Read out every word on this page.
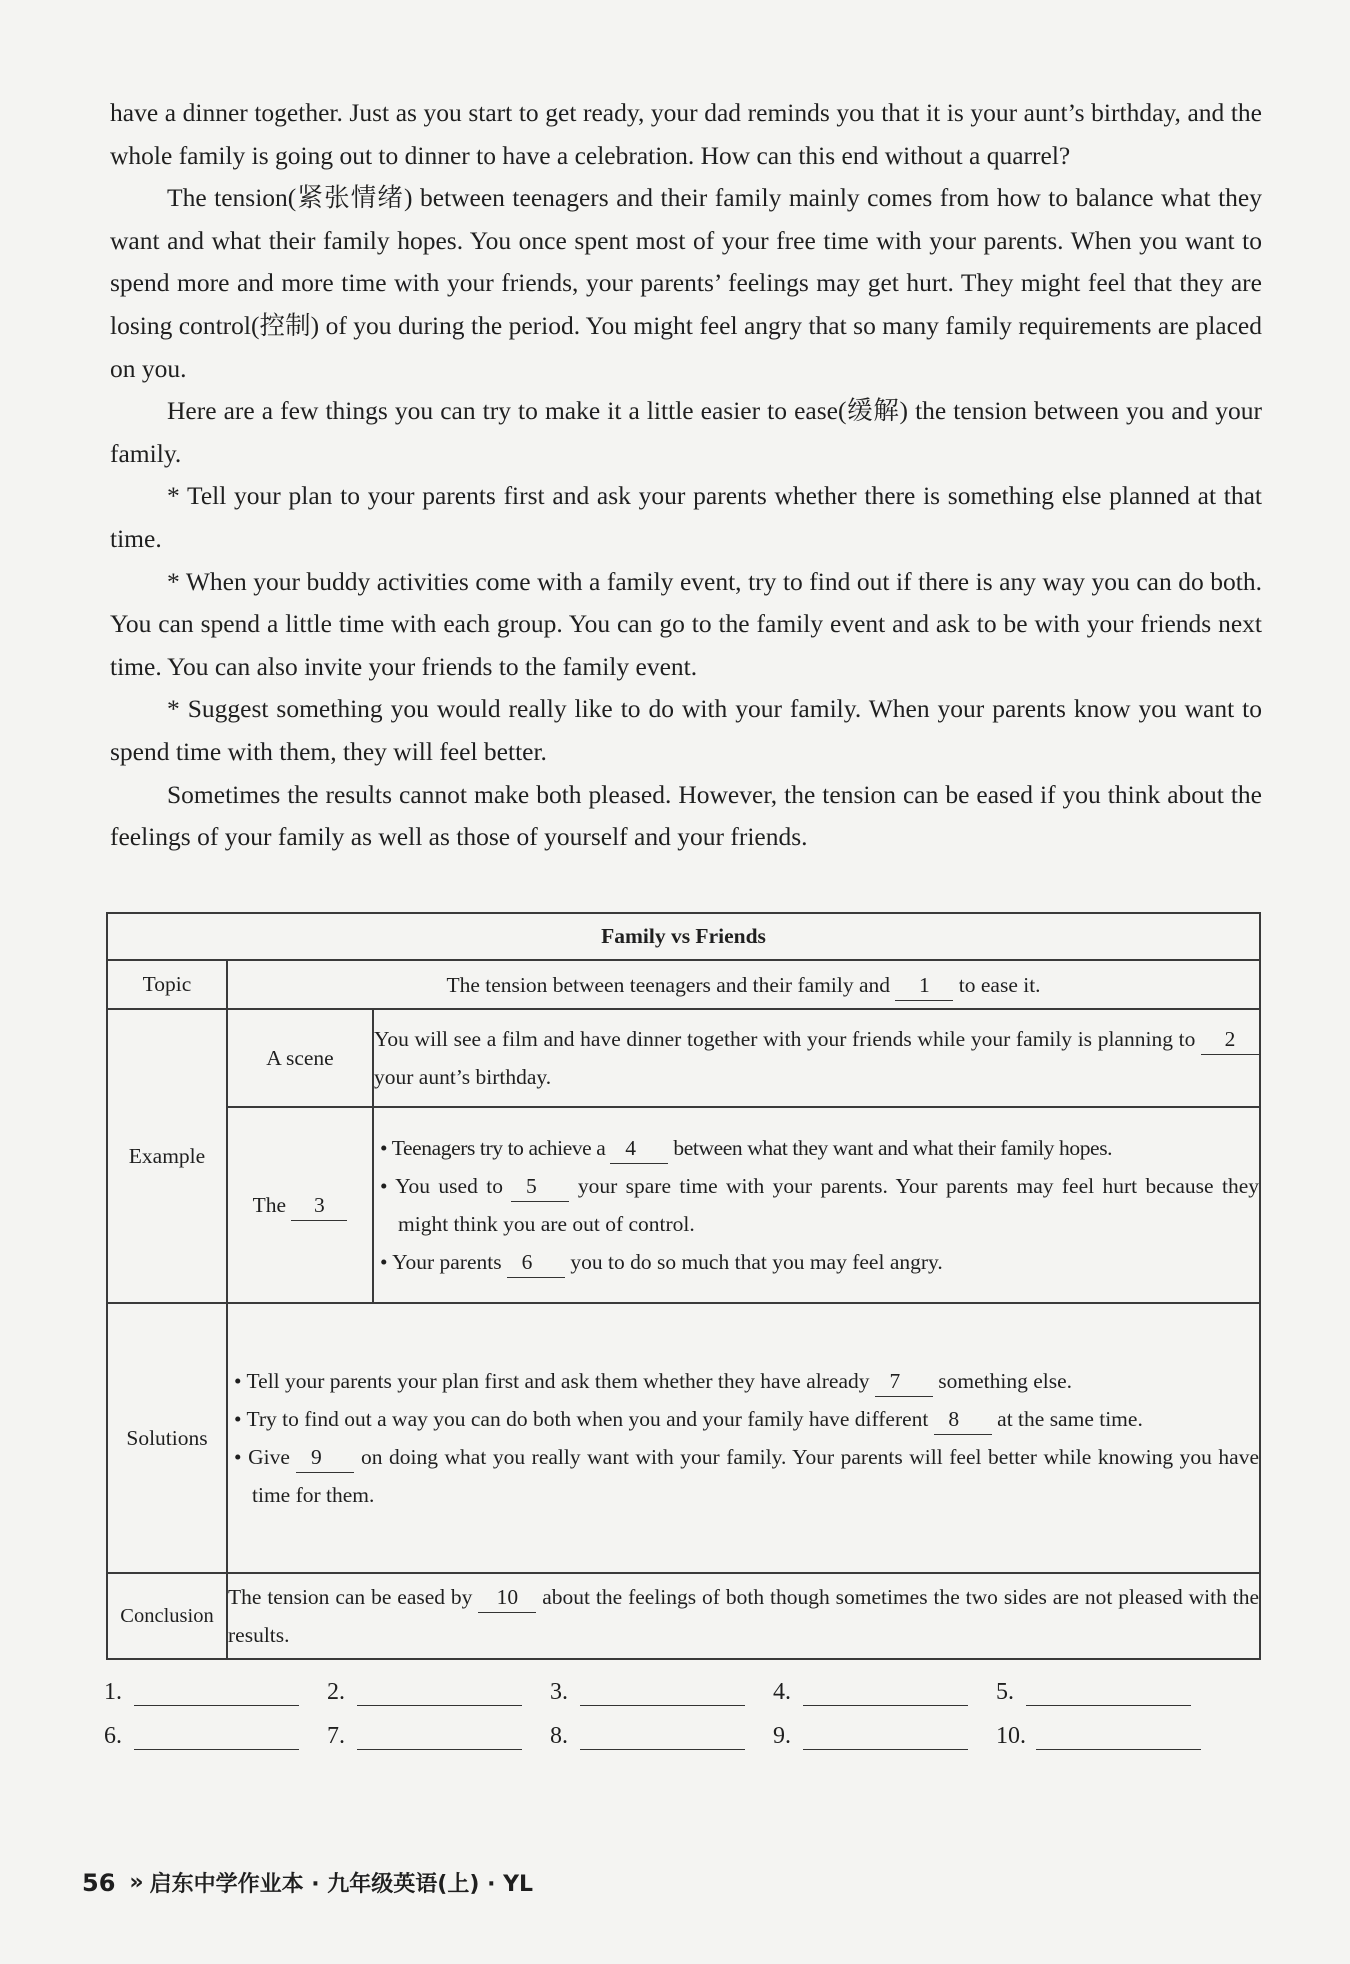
have a dinner together. Just as you start to get ready, your dad reminds you that it is your aunt’s birthday, and the whole family is going out to dinner to have a celebration. How can this end without a quarrel?

The tension(紧张情绪) between teenagers and their family mainly comes from how to balance what they want and what their family hopes. You once spent most of your free time with your parents. When you want to spend more and more time with your friends, your parents’ feelings may get hurt. They might feel that they are losing control(控制) of you during the period. You might feel angry that so many family requirements are placed on you.

Here are a few things you can try to make it a little easier to ease(缓解) the tension between you and your family.

* Tell your plan to your parents first and ask your parents whether there is something else planned at that time.

* When your buddy activities come with a family event, try to find out if there is any way you can do both. You can spend a little time with each group. You can go to the family event and ask to be with your friends next time. You can also invite your friends to the family event.

* Suggest something you would really like to do with your family. When your parents know you want to spend time with them, they will feel better.

Sometimes the results cannot make both pleased. However, the tension can be eased if you think about the feelings of your family as well as those of yourself and your friends.

Family vs Friends		
Topic	The tension between teenagers and their family and 1 to ease it.	
Example	A scene	You will see a film and have dinner together with your friends while your family is planning to 2 your aunt’s birthday.
	The 3	• Teenagers try to achieve a 4 between what they want and what their family hopes.
• You used to 5 your spare time with your parents. Your parents may feel hurt because they might think you are out of control.
• Your parents 6 you to do so much that you may feel angry.

Solutions	• Tell your parents your plan first and ask them whether they have already 7 something else.
• Try to find out a way you can do both when you and your family have different 8 at the same time.
• Give 9 on doing what you really want with your family. Your parents will feel better while knowing you have time for them.	

Conclusion	The tension can be eased by 10 about the feelings of both though sometimes the two sides are not pleased with the results.	
1.	2.	3.	4.	5.
6.	7.	8.	9.	10.
56 » 启东中学作业本 · 九年级英语(上) · YL
